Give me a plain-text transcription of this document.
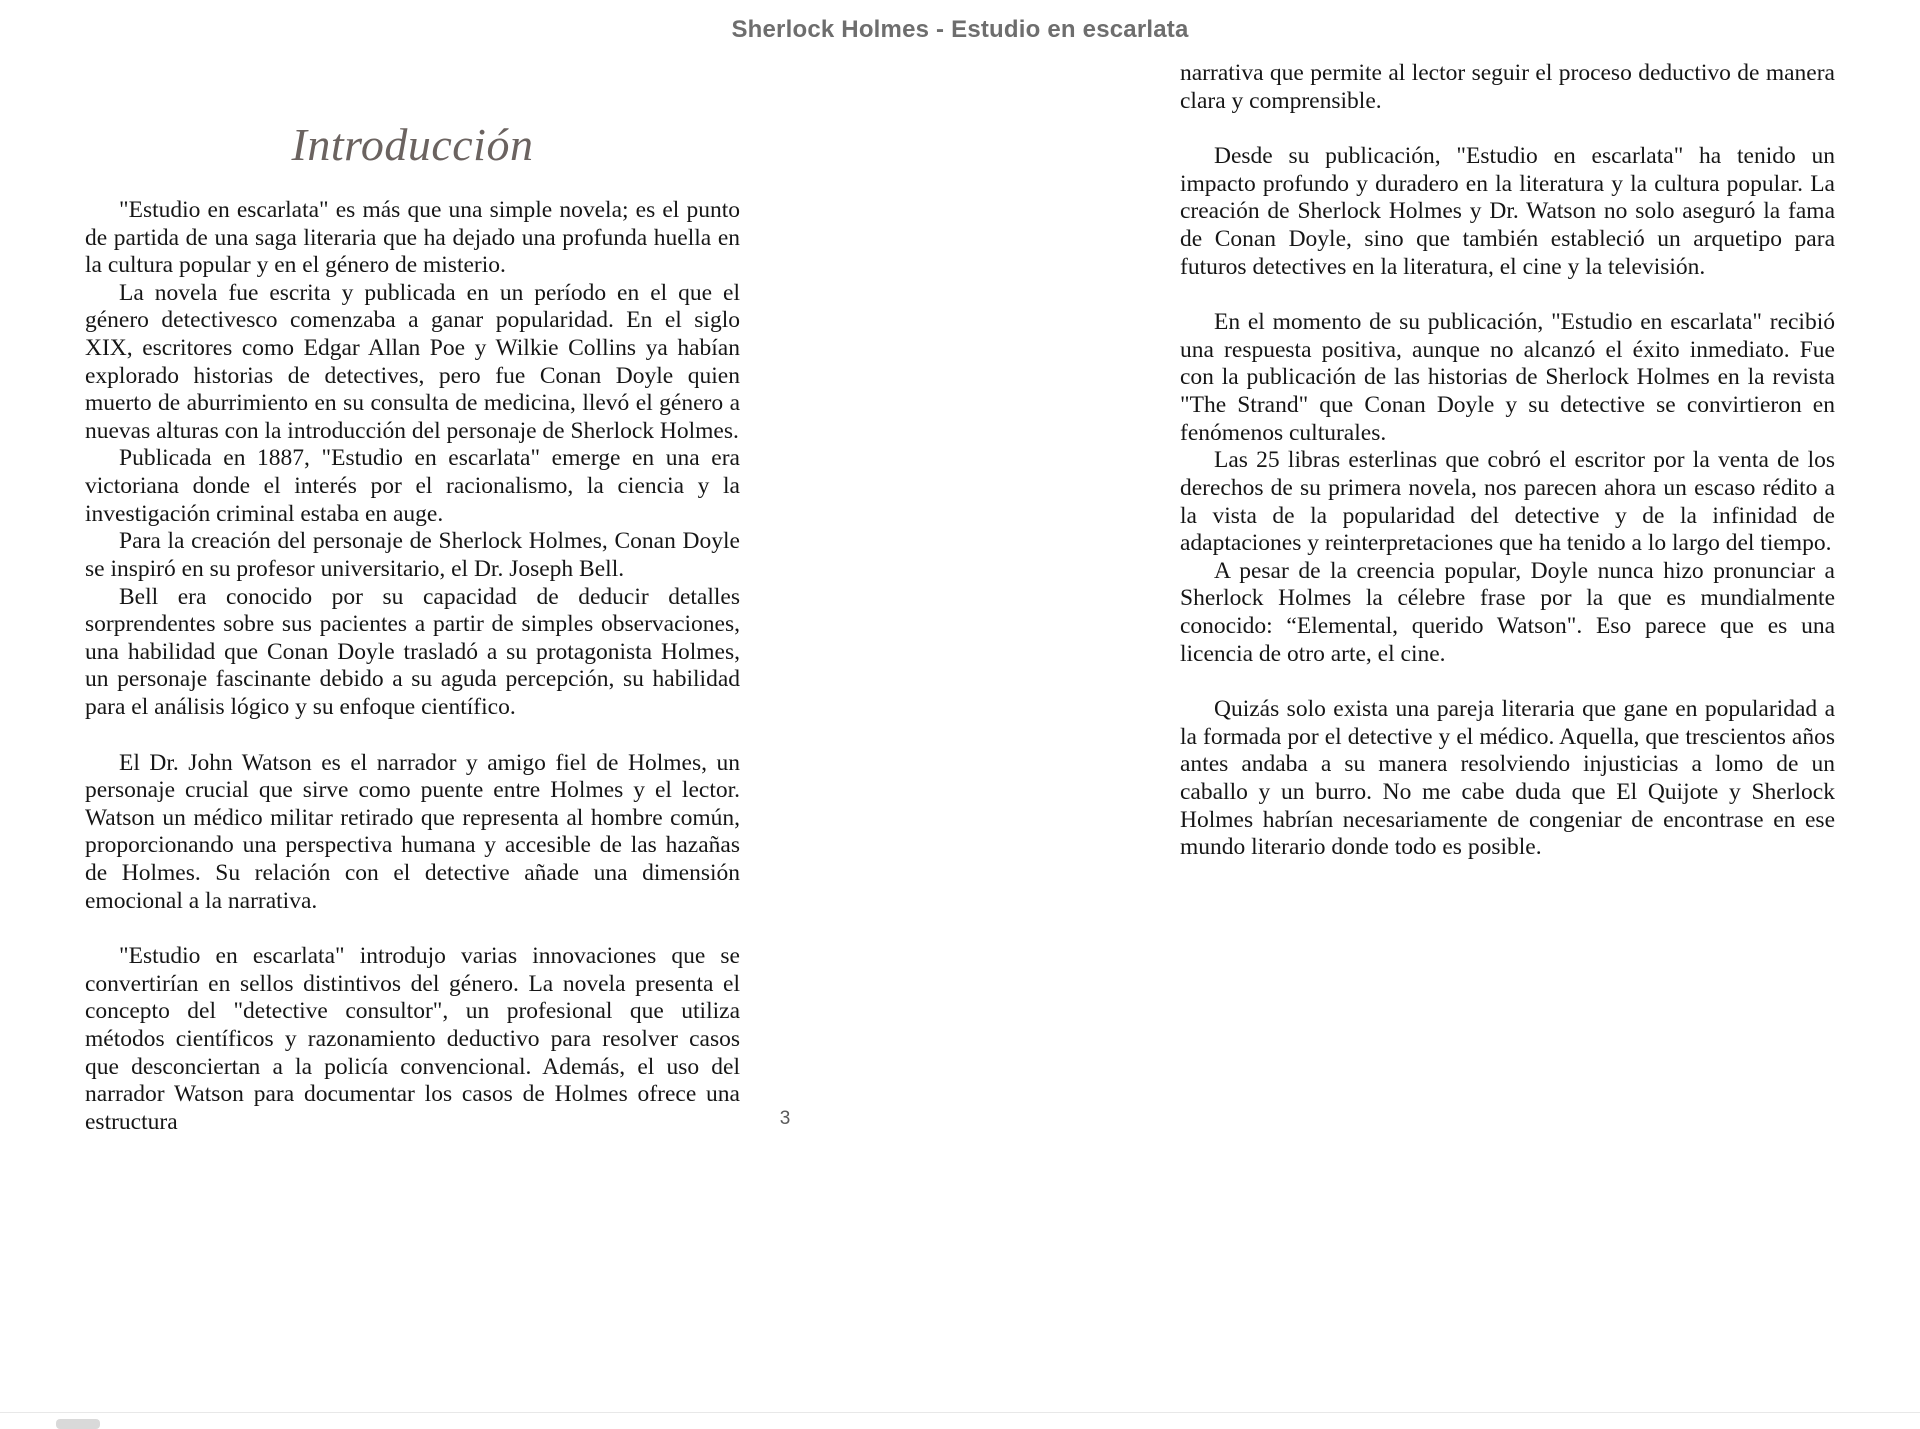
Sherlock Holmes - Estudio en escarlata
Introducción

"Estudio en escarlata" es más que una simple novela; es el punto de partida de una saga literaria que ha dejado una profunda huella en la cultura popular y en el género de misterio.

La novela fue escrita y publicada en un período en el que el género detectivesco comenzaba a ganar popularidad. En el siglo XIX, escritores como Edgar Allan Poe y Wilkie Collins ya habían explorado historias de detectives, pero fue Conan Doyle quien muerto de aburrimiento en su consulta de medicina, llevó el género a nuevas alturas con la introducción del personaje de Sherlock Holmes.

Publicada en 1887, "Estudio en escarlata" emerge en una era victoriana donde el interés por el racionalismo, la ciencia y la investigación criminal estaba en auge.

Para la creación del personaje de Sherlock Holmes, Conan Doyle se inspiró en su profesor universitario, el Dr. Joseph Bell.

Bell era conocido por su capacidad de deducir detalles sorprendentes sobre sus pacientes a partir de simples observaciones, una habilidad que Conan Doyle trasladó a su protagonista Holmes, un personaje fascinante debido a su aguda percepción, su habilidad para el análisis lógico y su enfoque científico.

El Dr. John Watson es el narrador y amigo fiel de Holmes, un personaje crucial que sirve como puente entre Holmes y el lector. Watson un médico militar retirado que representa al hombre común, proporcionando una perspectiva humana y accesible de las hazañas de Holmes. Su relación con el detective añade una dimensión emocional a la narrativa.

"Estudio en escarlata" introdujo varias innovaciones que se convertirían en sellos distintivos del género. La novela presenta el concepto del "detective consultor", un profesional que utiliza métodos científicos y razonamiento deductivo para resolver casos que desconciertan a la policía convencional. Además, el uso del narrador Watson para documentar los casos de Holmes ofrece una estructura

narrativa que permite al lector seguir el proceso deductivo de manera clara y comprensible.

Desde su publicación, "Estudio en escarlata" ha tenido un impacto profundo y duradero en la literatura y la cultura popular. La creación de Sherlock Holmes y Dr. Watson no solo aseguró la fama de Conan Doyle, sino que también estableció un arquetipo para futuros detectives en la literatura, el cine y la televisión.

En el momento de su publicación, "Estudio en escarlata" recibió una respuesta positiva, aunque no alcanzó el éxito inmediato. Fue con la publicación de las historias de Sherlock Holmes en la revista "The Strand" que Conan Doyle y su detective se convirtieron en fenómenos culturales.

Las 25 libras esterlinas que cobró el escritor por la venta de los derechos de su primera novela, nos parecen ahora un escaso rédito a la vista de la popularidad del detective y de la infinidad de adaptaciones y reinterpretaciones que ha tenido a lo largo del tiempo.

A pesar de la creencia popular, Doyle nunca hizo pronunciar a Sherlock Holmes la célebre frase por la que es mundialmente conocido: “Elemental, querido Watson". Eso parece que es una licencia de otro arte, el cine.

Quizás solo exista una pareja literaria que gane en popularidad a la formada por el detective y el médico. Aquella, que trescientos años antes andaba a su manera resolviendo injusticias a lomo de un caballo y un burro. No me cabe duda que El Quijote y Sherlock Holmes habrían necesariamente de congeniar de encontrase en ese mundo literario donde todo es posible.

3
